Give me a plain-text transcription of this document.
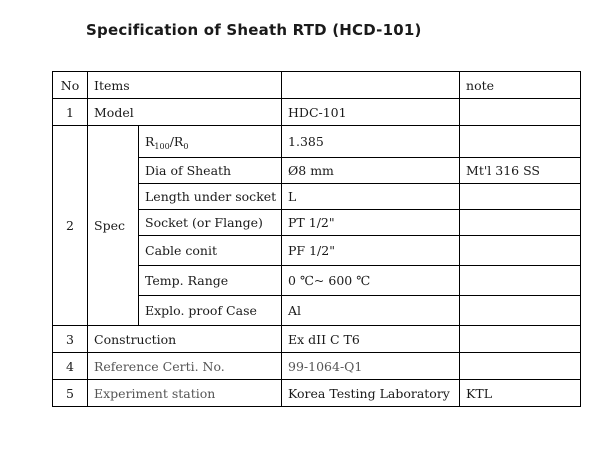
Specification of Sheath RTD (HCD-101)
No	Items			note
1	Model		HDC-101	
2	Spec	$R_{100}/R_0$	1.385	
		Dia of Sheath	Ø8 mm	Mt'l 316 SS
		Length under socket	L	
		Socket (or Flange)	PT 1/2"	
		Cable conit	PF 1/2"	
		Temp. Range	0 ℃~ 600 ℃	
		Explo. proof Case	Al	
3	Construction		Ex dII C T6	
4	Reference Certi. No.		99-1064-Q1	
5	Experiment station		Korea Testing Laboratory	KTL
